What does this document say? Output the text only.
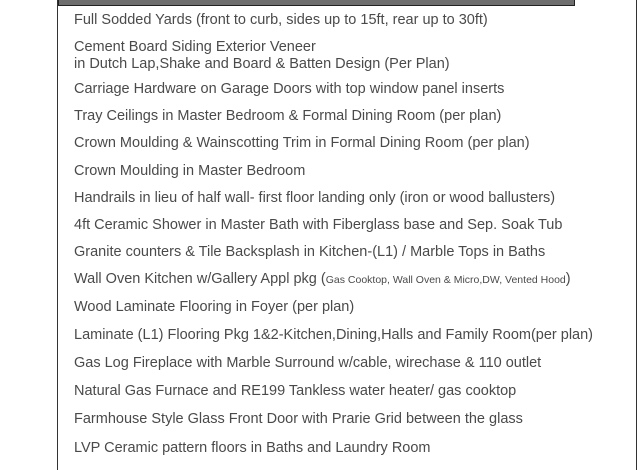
Full Sodded Yards (front to curb, sides up to 15ft, rear up to 30ft)
Cement Board Siding Exterior Veneer
in Dutch Lap,Shake and Board & Batten Design (Per Plan)
Carriage Hardware on Garage Doors with top window panel inserts
Tray Ceilings in Master Bedroom & Formal Dining Room (per plan)
Crown Moulding & Wainscotting Trim in Formal Dining Room (per plan)
Crown Moulding in Master Bedroom
Handrails in lieu of half wall- first floor landing only (iron or wood ballusters)
4ft Ceramic Shower in Master Bath with Fiberglass base and Sep. Soak Tub
Granite counters & Tile Backsplash in Kitchen-(L1) / Marble Tops in Baths
Wall Oven Kitchen w/Gallery Appl pkg (Gas Cooktop, Wall Oven & Micro,DW, Vented Hood)
Wood Laminate Flooring in Foyer (per plan)
Laminate (L1) Flooring Pkg 1&2-Kitchen,Dining,Halls and Family Room(per plan)
Gas Log Fireplace with Marble Surround w/cable, wirechase & 110 outlet
Natural Gas Furnace and RE199 Tankless water heater/ gas cooktop
Farmhouse Style Glass Front Door with Prarie Grid between the glass
LVP Ceramic pattern floors in Baths and Laundry Room
